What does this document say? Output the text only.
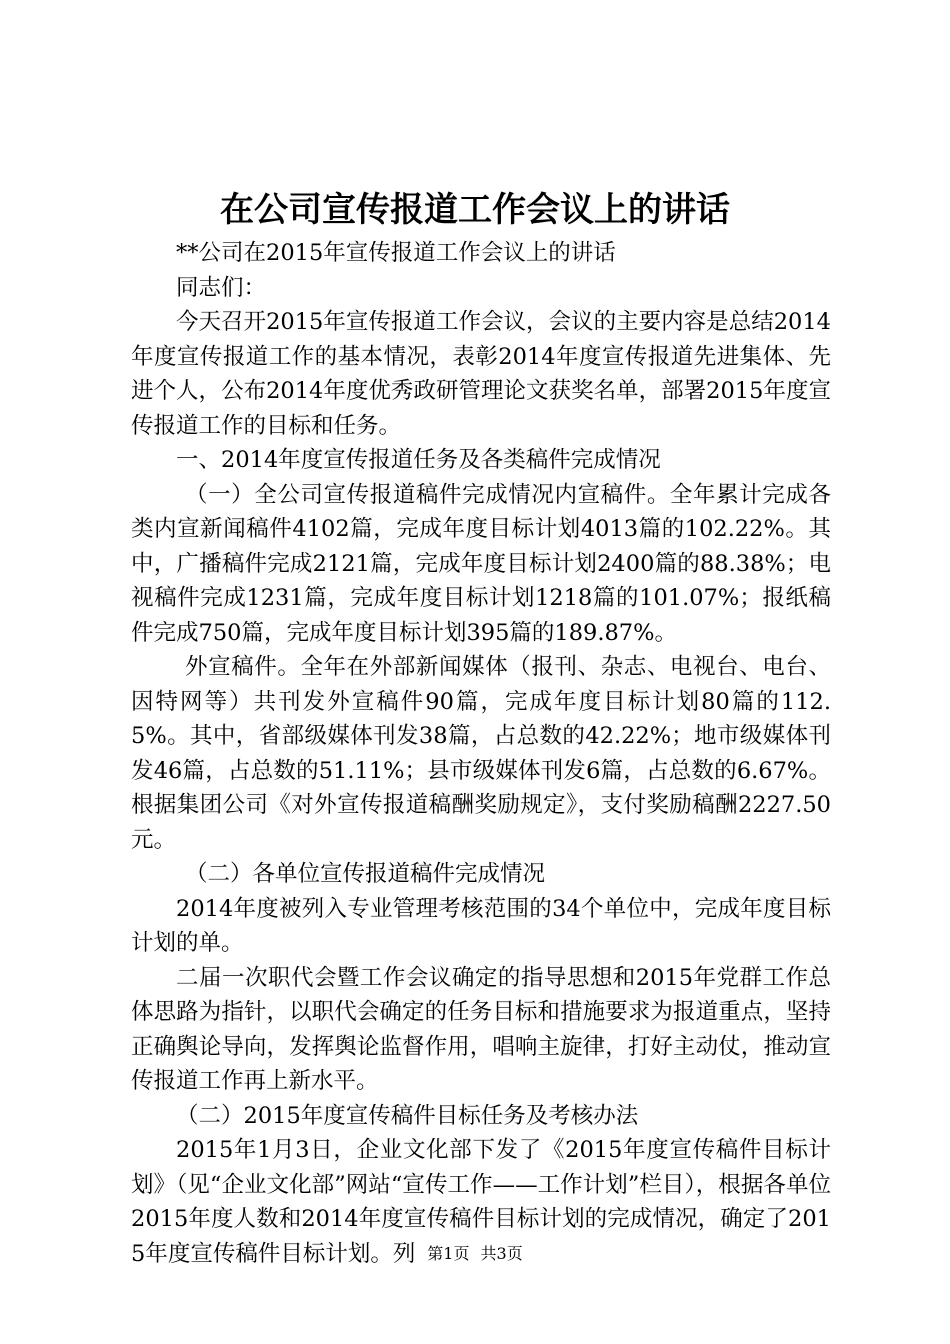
在公司宣传报道工作会议上的讲话

**公司在2015年宣传报道工作会议上的讲话

同志们：

今天召开2015年宣传报道工作会议，会议的主要内容是总结2014年度宣传报道工作的基本情况，表彰2014年度宣传报道先进集体、先进个人，公布2014年度优秀政研管理论文获奖名单，部署2015年度宣传报道工作的目标和任务。

一、2014年度宣传报道任务及各类稿件完成情况

（一）全公司宣传报道稿件完成情况内宣稿件。全年累计完成各类内宣新闻稿件4102篇，完成年度目标计划4013篇的102.22%。其中，广播稿件完成2121篇，完成年度目标计划2400篇的88.38%；电视稿件完成1231篇，完成年度目标计划1218篇的101.07%；报纸稿件完成750篇，完成年度目标计划395篇的189.87%。

外宣稿件。全年在外部新闻媒体（报刊、杂志、电视台、电台、因特网等）共刊发外宣稿件90篇，完成年度目标计划80篇的112.5%。其中，省部级媒体刊发38篇，占总数的42.22%；地市级媒体刊发46篇，占总数的51.11%；县市级媒体刊发6篇，占总数的6.67%。根据集团公司《对外宣传报道稿酬奖励规定》，支付奖励稿酬2227.50元。

（二）各单位宣传报道稿件完成情况

2014年度被列入专业管理考核范围的34个单位中，完成年度目标计划的单。

二届一次职代会暨工作会议确定的指导思想和2015年党群工作总体思路为指针，以职代会确定的任务目标和措施要求为报道重点，坚持正确舆论导向，发挥舆论监督作用，唱响主旋律，打好主动仗，推动宣传报道工作再上新水平。

（二）2015年度宣传稿件目标任务及考核办法

2015年1月3日，企业文化部下发了《2015年度宣传稿件目标计划》（见“企业文化部”网站“宣传工作——工作计划”栏目），根据各单位2015年度人数和2014年度宣传稿件目标计划的完成情况，确定了2015年度宣传稿件目标计划。列 第1页 共3页
